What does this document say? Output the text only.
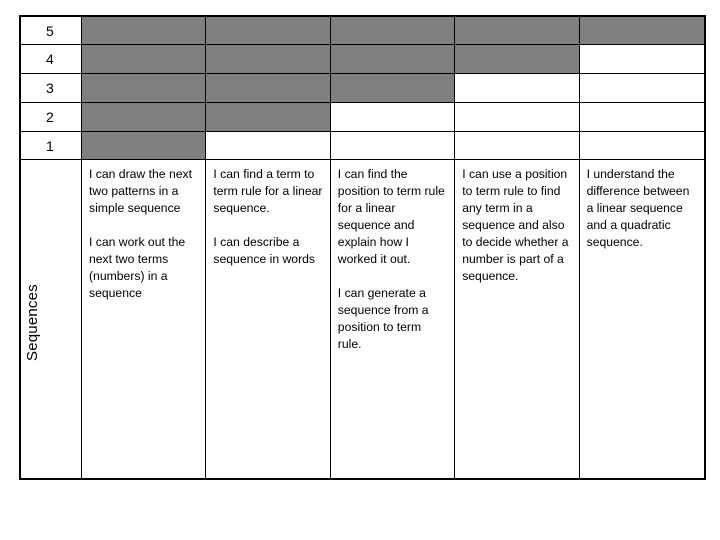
5
4
3
2
1
Sequences

I can draw the next two patterns in a simple sequence

I can work out the next two terms (numbers) in a sequence

I can find a term to term rule for a linear sequence.

I can describe a sequence in words

I can find the position to term rule for a linear sequence and explain how I worked it out.

I can generate a sequence from a position to term rule.

I can use a position to term rule to find any term in a sequence and also to decide whether a number is part of a sequence.

I understand the difference between a linear sequence and a quadratic sequence.
